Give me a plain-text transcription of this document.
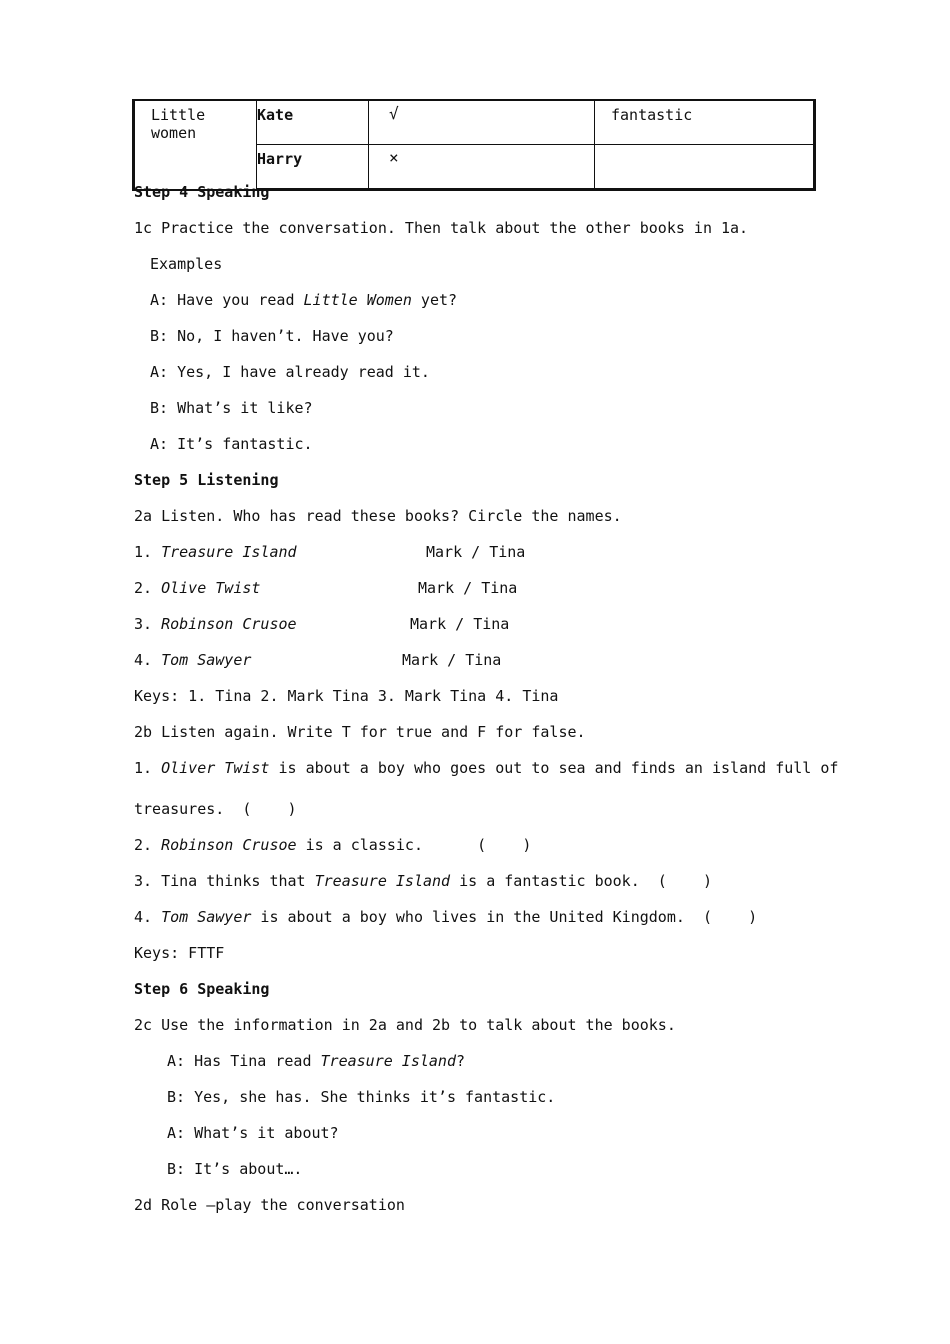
Little women	Kate	√	fantastic
	Harry	×	
Step 4 Speaking
1c Practice the conversation. Then talk about the other books in 1a.
Examples
A: Have you read Little Women yet?
B: No, I haven’t. Have you?
A: Yes, I have already read it.
B: What’s it like?
A: It’s fantastic.
Step 5 Listening
2a Listen. Who has read these books? Circle the names.
1. Treasure Island	Mark / Tina
2. Olive Twist	Mark / Tina
3. Robinson Crusoe	Mark / Tina
4. Tom Sawyer	Mark / Tina
Keys: 1. Tina 2. Mark Tina 3. Mark Tina 4. Tina
2b Listen again. Write T for true and F for false.
1. Oliver Twist is about a boy who goes out to sea and finds an island full of
treasures.  (    )
2. Robinson Crusoe is a classic.      (    )
3. Tina thinks that Treasure Island is a fantastic book.  (    )
4. Tom Sawyer is about a boy who lives in the United Kingdom.  (    )
Keys: FTTF
Step 6 Speaking
2c Use the information in 2a and 2b to talk about the books.
A: Has Tina read Treasure Island?
B: Yes, she has. She thinks it’s fantastic.
A: What’s it about?
B: It’s about….
2d Role –play the conversation
